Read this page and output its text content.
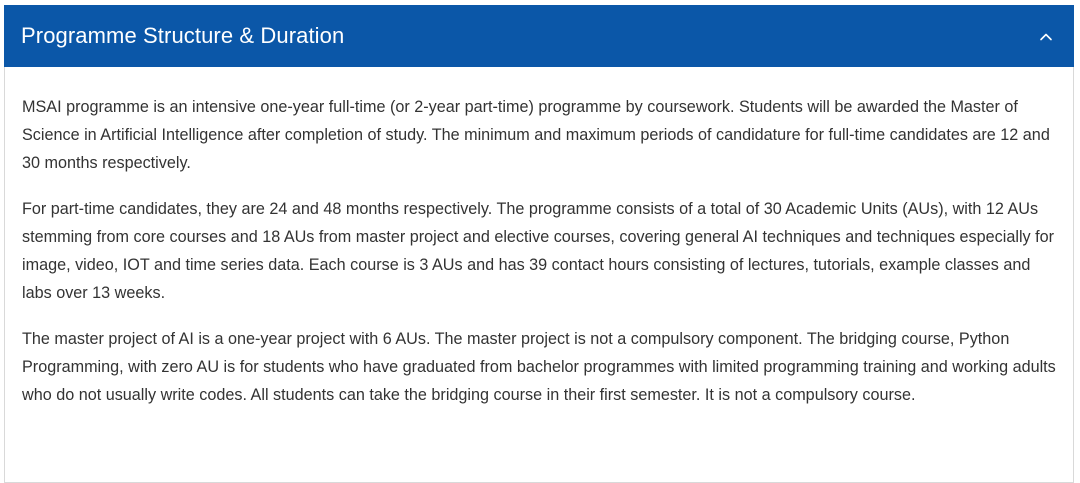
Programme Structure & Duration

MSAI programme is an intensive one-year full-time (or 2-year part-time) programme by coursework. Students will be awarded the Master of Science in Artificial Intelligence after completion of study. The minimum and maximum periods of candidature for full-time candidates are 12 and 30 months respectively.

For part-time candidates, they are 24 and 48 months respectively. The programme consists of a total of 30 Academic Units (AUs), with 12 AUs stemming from core courses and 18 AUs from master project and elective courses, covering general AI techniques and techniques especially for image, video, IOT and time series data. Each course is 3 AUs and has 39 contact hours consisting of lectures, tutorials, example classes and labs over 13 weeks.

The master project of AI is a one-year project with 6 AUs. The master project is not a compulsory component. The bridging course, Python Programming, with zero AU is for students who have graduated from bachelor programmes with limited programming training and working adults who do not usually write codes. All students can take the bridging course in their first semester. It is not a compulsory course.
